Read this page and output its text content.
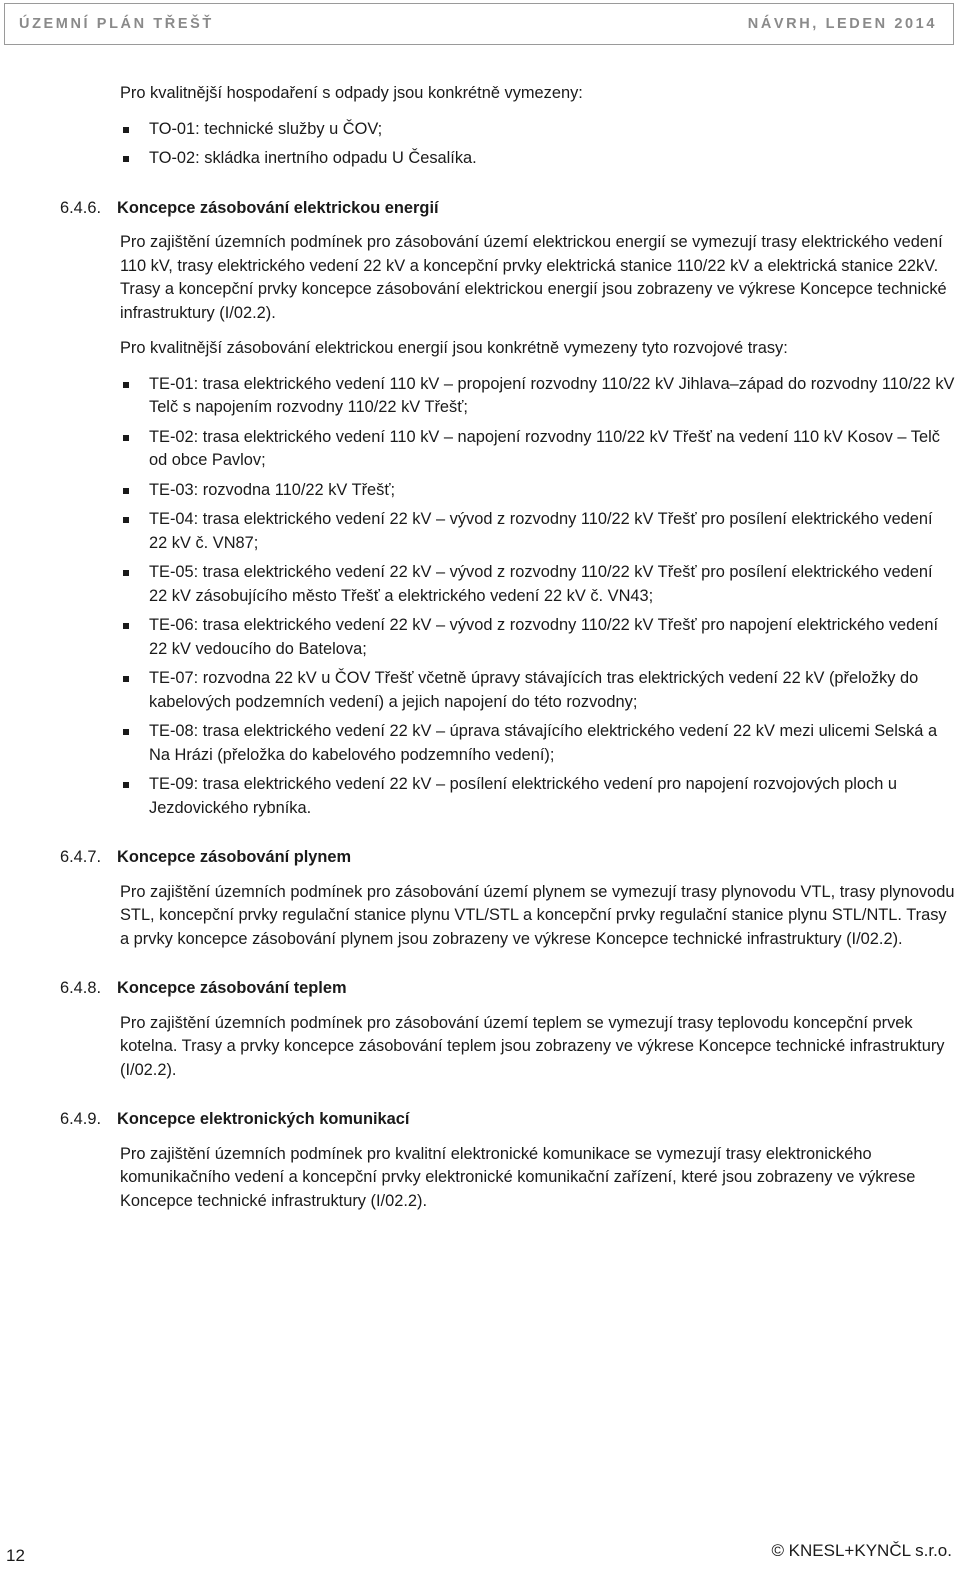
ÚZEMNÍ PLÁN TŘEŠŤ	NÁVRH, LEDEN 2014

Pro kvalitnější hospodaření s odpady jsou konkrétně vymezeny:

TO-01: technické služby u ČOV;
TO-02: skládka inertního odpadu U Česalíka.
6.4.6. Koncepce zásobování elektrickou energií

Pro zajištění územních podmínek pro zásobování území elektrickou energií se vymezují trasy elektrického vedení 110 kV, trasy elektrického vedení 22 kV a koncepční prvky elektrická stanice 110/22 kV a elektrická stanice 22kV. Trasy a koncepční prvky koncepce zásobování elektrickou energií jsou zobrazeny ve výkrese Koncepce technické infrastruktury (I/02.2).

Pro kvalitnější zásobování elektrickou energií jsou konkrétně vymezeny tyto rozvojové trasy:

TE-01: trasa elektrického vedení 110 kV – propojení rozvodny 110/22 kV Jihlava–západ do rozvodny 110/22 kV Telč s napojením rozvodny 110/22 kV Třešť;
TE-02: trasa elektrického vedení 110 kV – napojení rozvodny 110/22 kV Třešť na vedení 110 kV Kosov – Telč od obce Pavlov;
TE-03: rozvodna 110/22 kV Třešť;
TE-04: trasa elektrického vedení 22 kV – vývod z rozvodny 110/22 kV Třešť pro posílení elektrického vedení 22 kV č. VN87;
TE-05: trasa elektrického vedení 22 kV – vývod z rozvodny 110/22 kV Třešť pro posílení elektrického vedení 22 kV zásobujícího město Třešť a elektrického vedení 22 kV č. VN43;
TE-06: trasa elektrického vedení 22 kV – vývod z rozvodny 110/22 kV Třešť pro napojení elektrického vedení 22 kV vedoucího do Batelova;
TE-07: rozvodna 22 kV u ČOV Třešť včetně úpravy stávajících tras elektrických vedení 22 kV (přeložky do kabelových podzemních vedení) a jejich napojení do této rozvodny;
TE-08: trasa elektrického vedení 22 kV – úprava stávajícího elektrického vedení 22 kV mezi ulicemi Selská a Na Hrázi (přeložka do kabelového podzemního vedení);
TE-09: trasa elektrického vedení 22 kV – posílení elektrického vedení pro napojení rozvojových ploch u Jezdovického rybníka.
6.4.7. Koncepce zásobování plynem

Pro zajištění územních podmínek pro zásobování území plynem se vymezují trasy plynovodu VTL, trasy plynovodu STL, koncepční prvky regulační stanice plynu VTL/STL a koncepční prvky regulační stanice plynu STL/NTL. Trasy a prvky koncepce zásobování plynem jsou zobrazeny ve výkrese Koncepce technické infrastruktury (I/02.2).

6.4.8. Koncepce zásobování teplem

Pro zajištění územních podmínek pro zásobování území teplem se vymezují trasy teplovodu koncepční prvek kotelna. Trasy a prvky koncepce zásobování teplem jsou zobrazeny ve výkrese Koncepce technické infrastruktury (I/02.2).

6.4.9. Koncepce elektronických komunikací

Pro zajištění územních podmínek pro kvalitní elektronické komunikace se vymezují trasy elektronického komunikačního vedení a koncepční prvky elektronické komunikační zařízení, které jsou zobrazeny ve výkrese Koncepce technické infrastruktury (I/02.2).

12	© KNESL+KYNČL s.r.o.
